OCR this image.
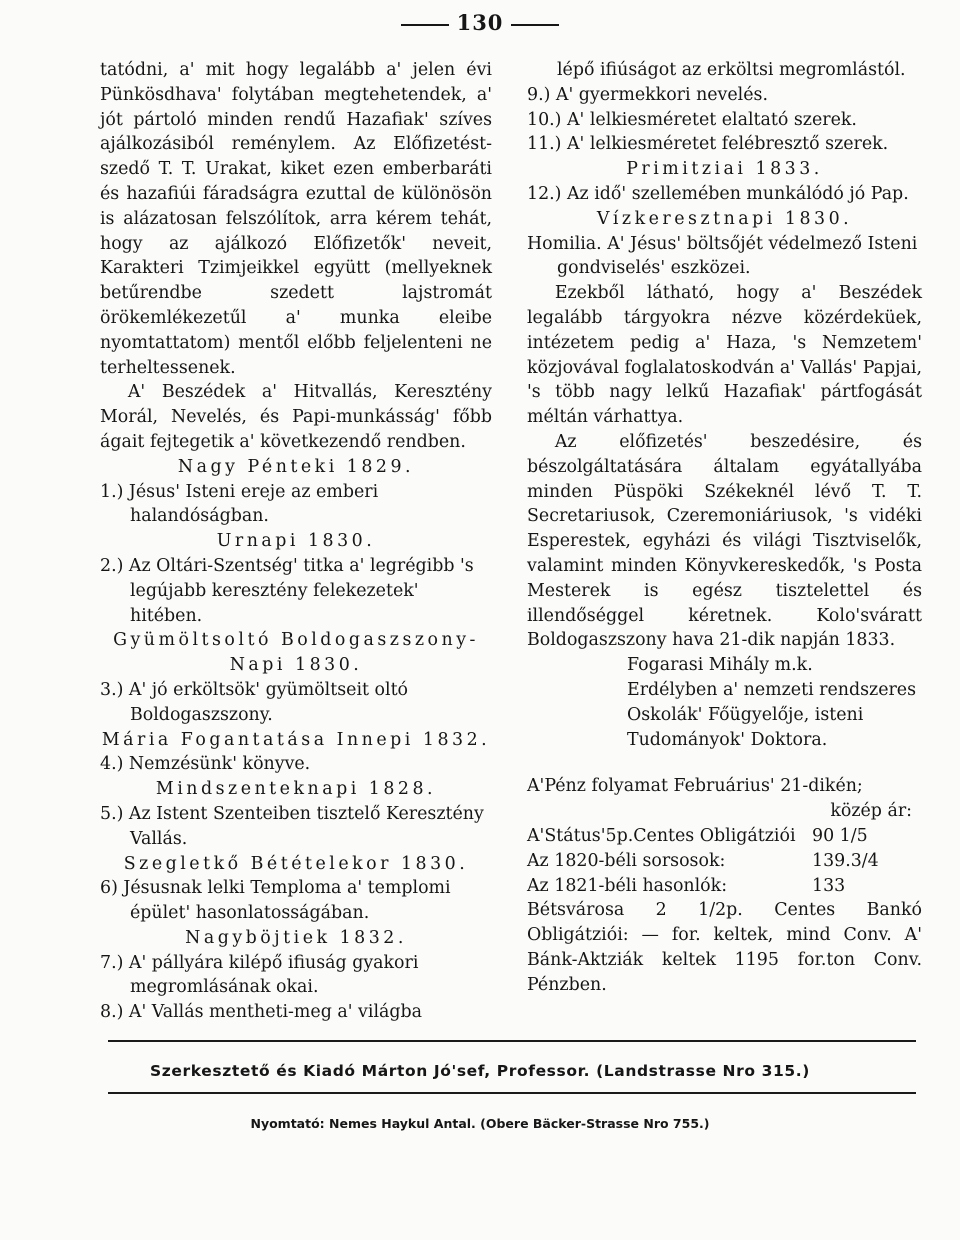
130

tatódni, a' mit hogy legalább a' jelen évi Pünkösdhava' folytában megtehetendek, a' jót pártoló minden rendű Hazafiak' szíves ajálkozásiból reménylem. Az Előfizetést-szedő T. T. Urakat, kiket ezen emberbaráti és hazafiúi fáradságra ezuttal de különösön is alázatosan felszólítok, arra kérem tehát, hogy az ajálkozó Előfizetők' neveit, Karakteri Tzimjeikkel együtt (mellyeknek betűrendbe szedett lajstromát örökemlékezetűl a' munka eleibe nyomtattatom) mentől előbb feljelenteni ne terheltessenek.

A' Beszédek a' Hitvallás, Keresztény Morál, Nevelés, és Papi-munkásság' főbb ágait fejtegetik a' következendő rendben.

Nagy Pénteki 1829.

1.) Jésus' Isteni ereje az emberi halandóságban.

Urnapi 1830.

2.) Az Oltári-Szentség' titka a' legrégibb 's legújabb keresztény felekezetek' hitében.

Gyümöltsoltó Boldogaszszony-Napi 1830.

3.) A' jó erköltsök' gyümöltseit oltó Boldogaszszony.

Mária Fogantatása Innepi 1832.

4.) Nemzésünk' könyve.

Mindszenteknapi 1828.

5.) Az Istent Szenteiben tisztelő Keresztény Vallás.

Szegletkő Bétételekor 1830.

6) Jésusnak lelki Temploma a' templomi épület' hasonlatosságában.

Nagyböjtiek 1832.

7.) A' pállyára kilépő ifiuság gyakori megromlásának okai.

8.) A' Vallás mentheti-meg a' világba

lépő ifiúságot az erköltsi megromlástól.

9.) A' gyermekkori nevelés.

10.) A' lelkiesméretet elaltató szerek.

11.) A' lelkiesméretet felébresztő szerek.

Primitziai 1833.

12.) Az idő' szellemében munkálódó jó Pap.

Vízkeresztnapi 1830.

Homilia. A' Jésus' böltsőjét védelmező Isteni gondviselés' eszközei.

Ezekből látható, hogy a' Beszédek legalább tárgyokra nézve közérdeküek, intézetem pedig a' Haza, 's Nemzetem' közjovával foglalatoskodván a' Vallás' Papjai, 's több nagy lelkű Hazafiak' pártfogását méltán várhattya.

Az előfizetés' beszedésire, és bészolgáltatására általam egyátallyába minden Püspöki Székeknél lévő T. T. Secretariusok, Czeremoniáriusok, 's vidéki Esperestek, egyházi és világi Tisztviselők, valamint minden Könyvkereskedők, 's Posta Mesterek is egész tisztelettel és illendőséggel kéretnek. Kolo'sváratt Boldogaszszony hava 21-dik napján 1833.

Fogarasi Mihály m.k.

Erdélyben a' nemzeti rendszeres Oskolák' Főügyelője, isteni Tudományok' Doktora.

A'Pénz folyamat Februárius' 21-dikén;

közép ár:

A'Státus'5p.Centes Obligátziói 90 1/5
Az 1820-béli sorsosok:	139.3/4
Az 1821-béli hasonlók:	133

Bétsvárosa 2 1/2p. Centes Bankó Obligátziói: — for. keltek, mind Conv. A' Bánk-Aktziák keltek 1195 for.ton Conv. Pénzben.

Szerkesztető és Kiadó Márton Jó'sef, Professor. (Landstrasse Nro 315.)
Nyomtató: Nemes Haykul Antal. (Obere Bäcker-Strasse Nro 755.)
